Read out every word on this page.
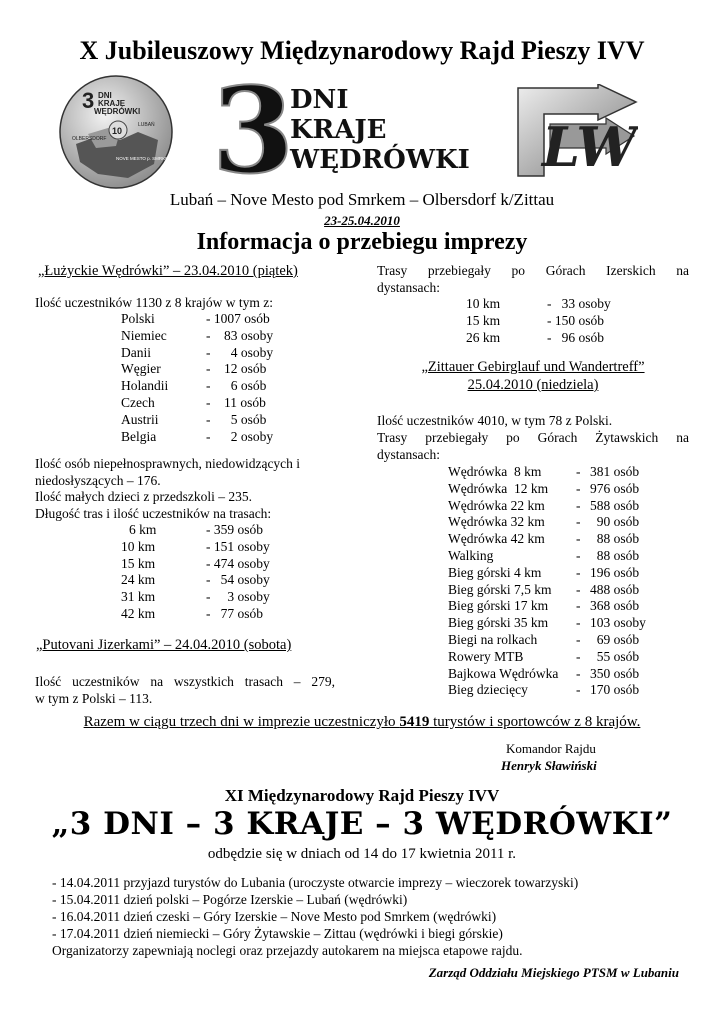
X Jubileuszowy Międzynarodowy Rajd Pieszy IVV
3 DNI
KRAJE
WĘDRÓWKI
10
LUBAŃ
OLBERSDORF
NOVE MESTO p. SMRKEM 3
DNI
KRAJE
WĘDRÓWKI LW
Lubań – Nove Mesto pod Smrkem – Olbersdorf k/Zittau
23-25.04.2010
Informacja o przebiegu imprezy
„Łużyckie Wędrówki” – 23.04.2010 (piątek)
Ilość uczestników 1130 z 8 krajów w tym z:
Polski	- 1007 osób
Niemiec	-    83 osoby
Danii	-      4 osoby
Węgier	-    12 osób
Holandii	-      6 osób
Czech	-    11 osób
Austrii	-      5 osób
Belgia	-      2 osoby
Ilość osób niepełnosprawnych, niedowidzących i
niedosłyszących – 176.
Ilość małych dzieci z przedszkoli – 235.
Długość tras i ilość uczestników na trasach:
6 km	- 359 osób
10 km	- 151 osoby
15 km	- 474 osoby
24 km	-   54 osoby
31 km	-     3 osoby
42 km	-   77 osób
„Putovani Jizerkami” – 24.04.2010 (sobota)
Ilość uczestników na wszystkich trasach – 279,
w tym z Polski – 113.
Trasy przebiegały po Górach Izerskich na
dystansach:
10 km	-   33 osoby
15 km	- 150 osób
26 km	-   96 osób
„Zittauer Gebirglauf und Wandertreff”
25.04.2010 (niedziela)
Ilość uczestników 4010, w tym 78 z Polski.
Trasy przebiegały po Górach Żytawskich na
dystansach:
Wędrówka  8 km	- 381 osób
Wędrówka  12 km - 976 osób
Wędrówka 22 km - 588 osób
Wędrówka 32 km - 90 osób
Wędrówka 42 km - 88 osób
Walking	- 88 osób
Bieg górski 4 km	- 196 osób
Bieg górski 7,5 km - 488 osób
Bieg górski 17 km - 368 osób
Bieg górski 35 km - 103 osoby
Biegi na rolkach	- 69 osób
Rowery MTB	- 55 osób
Bajkowa Wędrówka - 350 osób
Bieg dziecięcy	- 170 osób
Razem w ciągu trzech dni w imprezie uczestniczyło 5419 turystów i sportowców z 8 krajów.
Komandor Rajdu
Henryk Sławiński
XI Międzynarodowy Rajd Pieszy IVV
„3 DNI – 3 KRAJE – 3 WĘDRÓWKI”
odbędzie się w dniach od 14 do 17 kwietnia 2011 r.
- 14.04.2011 przyjazd turystów do Lubania (uroczyste otwarcie imprezy – wieczorek towarzyski)
- 15.04.2011 dzień polski – Pogórze Izerskie – Lubań (wędrówki)
- 16.04.2011 dzień czeski – Góry Izerskie – Nove Mesto pod Smrkem (wędrówki)
- 17.04.2011 dzień niemiecki – Góry Żytawskie – Zittau (wędrówki i biegi górskie)
Organizatorzy zapewniają noclegi oraz przejazdy autokarem na miejsca etapowe rajdu.
Zarząd Oddziału Miejskiego PTSM w Lubaniu
